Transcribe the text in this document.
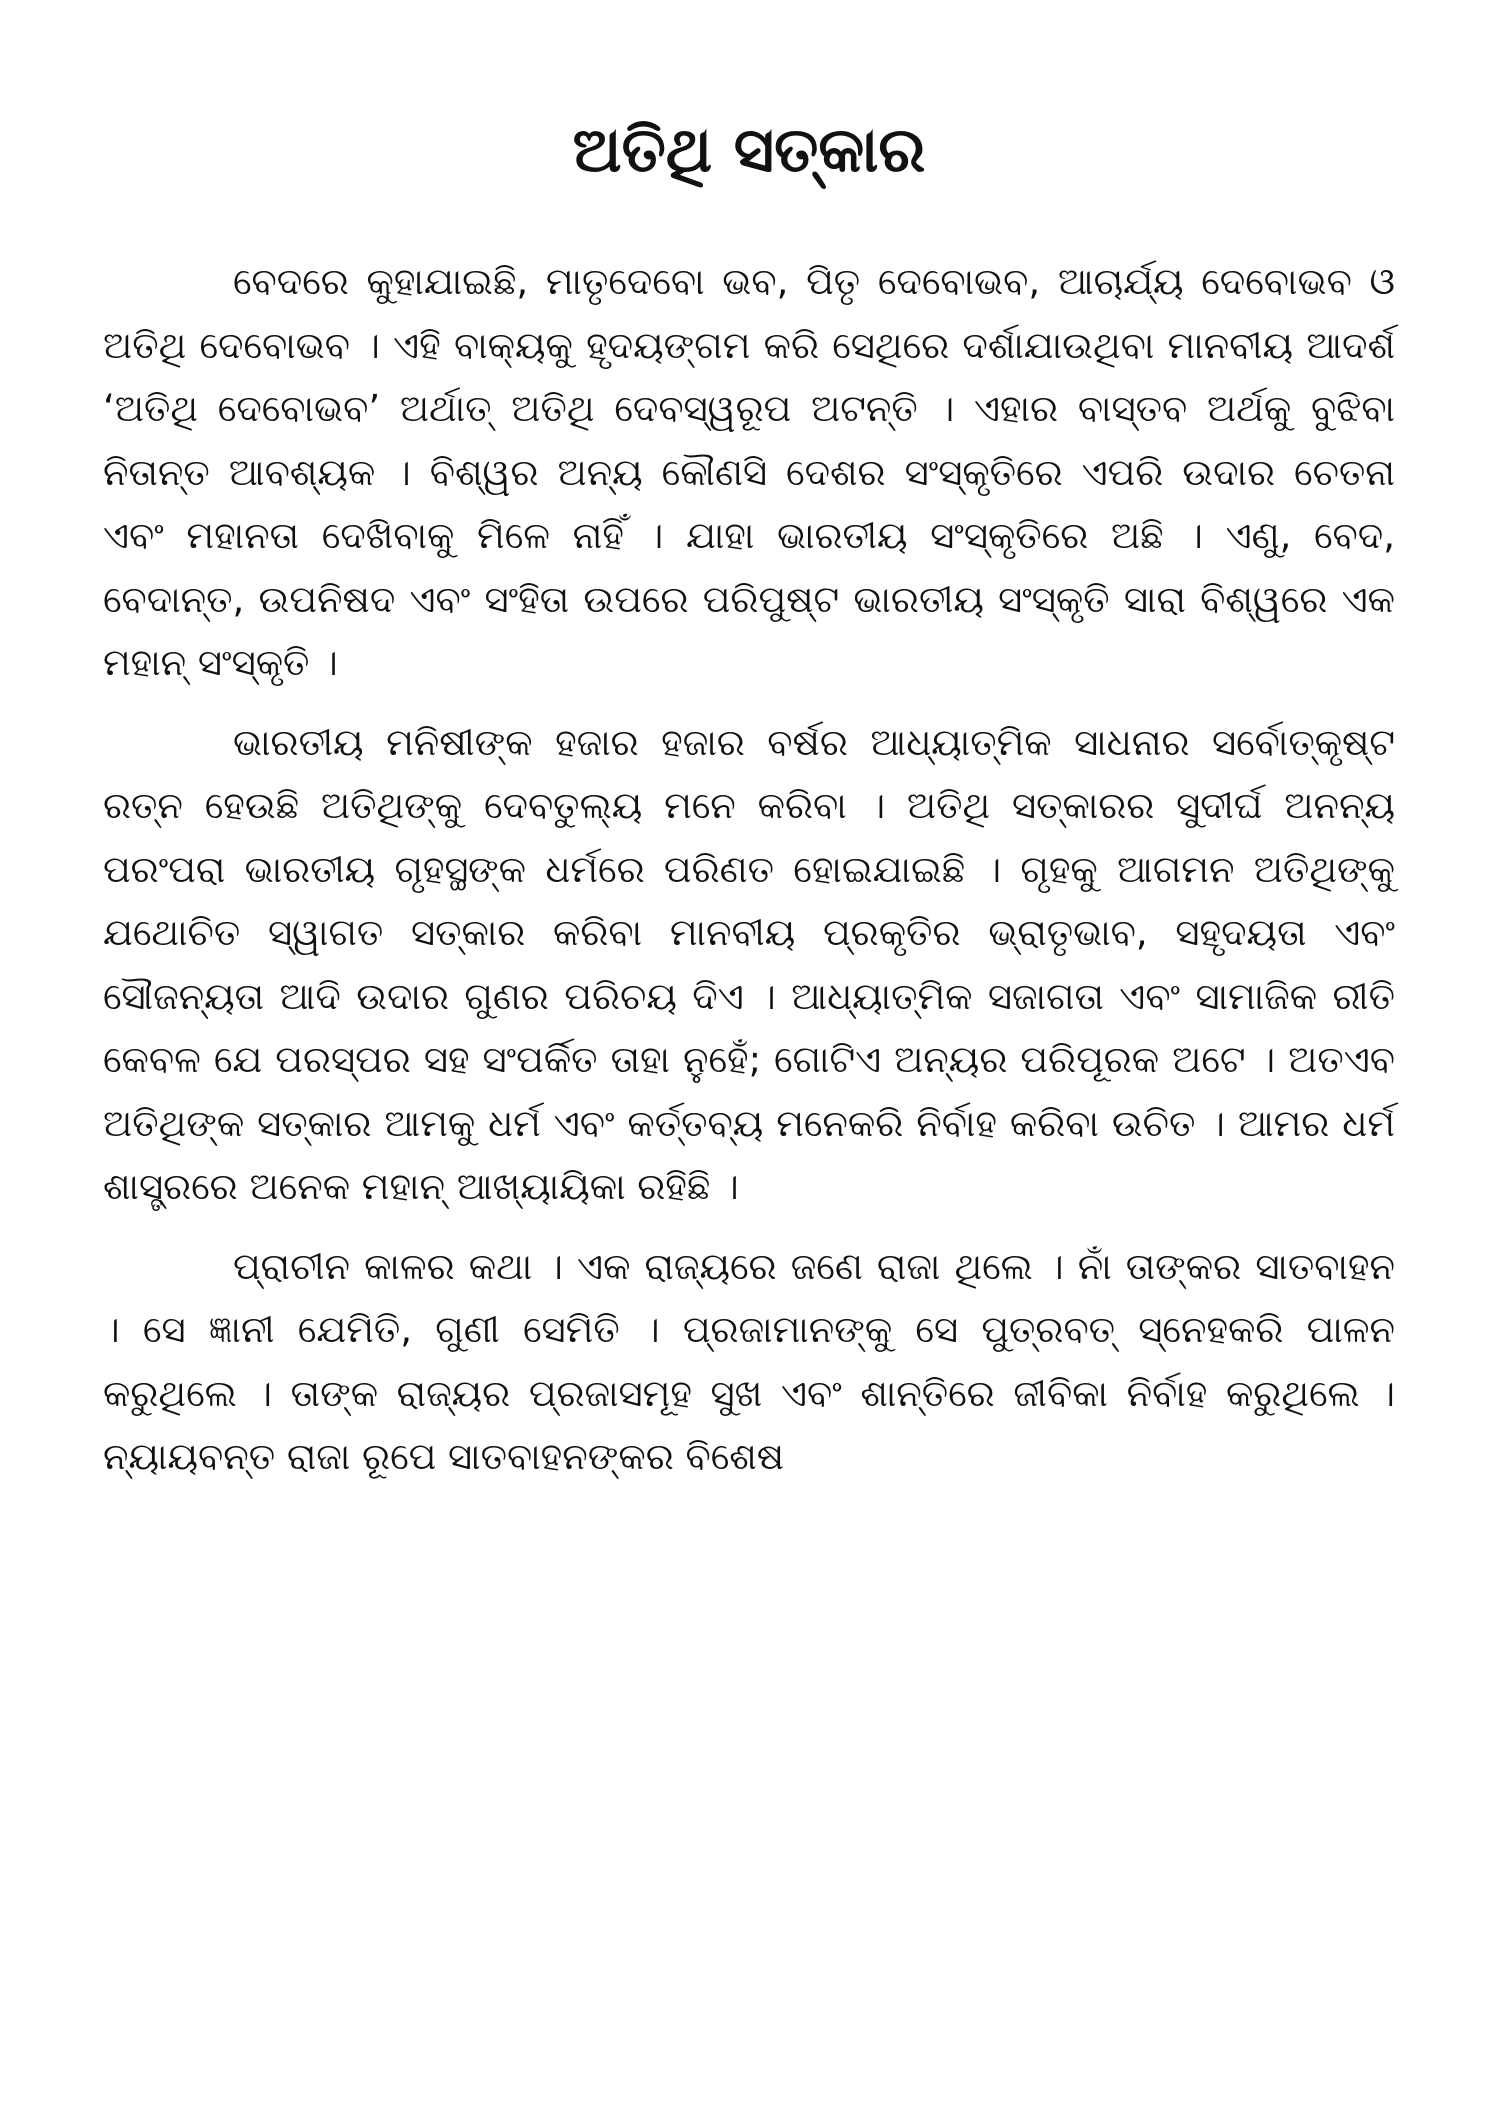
ଅତିଥି ସତ୍କାର

ବେଦରେ କୁହାଯାଇଛି, ମାତୃଦେବୋ ଭବ, ପିତୃ ଦେବୋଭବ, ଆଚାର୍ଯ୍ୟ ଦେବୋଭବ ଓ ଅତିଥି ଦେବୋଭବ । ଏହି ବାକ୍ୟକୁ ହୃଦୟଙ୍ଗମ କରି ସେଥିରେ ଦର୍ଶାଯାଉଥିବା ମାନବୀୟ ଆଦର୍ଶ ‘ଅତିଥି ଦେବୋଭବ’ ଅର୍ଥାତ୍ ଅତିଥି ଦେବସ୍ୱରୂପ ଅଟନ୍ତି । ଏହାର ବାସ୍ତବ ଅର୍ଥକୁ ବୁଝିବା ନିତାନ୍ତ ଆବଶ୍ୟକ । ବିଶ୍ୱର ଅନ୍ୟ କୌଣସି ଦେଶର ସଂସ୍କୃତିରେ ଏପରି ଉଦାର ଚେତନା ଏବଂ ମହାନତା ଦେଖିବାକୁ ମିଳେ ନାହିଁ । ଯାହା ଭାରତୀୟ ସଂସ୍କୃତିରେ ଅଛି । ଏଣୁ, ବେଦ, ବେଦାନ୍ତ, ଉପନିଷଦ ଏବଂ ସଂହିତା ଉପରେ ପରିପୁଷ୍ଟ ଭାରତୀୟ ସଂସ୍କୃତି ସାରା ବିଶ୍ୱରେ ଏକ ମହାନ୍ ସଂସ୍କୃତି ।

ଭାରତୀୟ ମନିଷୀଙ୍କ ହଜାର ହଜାର ବର୍ଷର ଆଧ୍ୟାତ୍ମିକ ସାଧନାର ସର୍ବୋତ୍କୃଷ୍ଟ ରତ୍ନ ହେଉଛି ଅତିଥିଙ୍କୁ ଦେବତୁଲ୍ୟ ମନେ କରିବା । ଅତିଥି ସତ୍କାରର ସୁଦୀର୍ଘ ଅନନ୍ୟ ପରଂପରା ଭାରତୀୟ ଗୃହସ୍ଥଙ୍କ ଧର୍ମରେ ପରିଣତ ହୋଇଯାଇଛି । ଗୃହକୁ ଆଗମନ ଅତିଥିଙ୍କୁ ଯଥୋଚିତ ସ୍ୱାଗତ ସତ୍କାର କରିବା ମାନବୀୟ ପ୍ରକୃତିର ଭ୍ରାତୃଭାବ, ସହୃଦୟତା ଏବଂ ସୌଜନ୍ୟତା ଆଦି ଉଦାର ଗୁଣର ପରିଚୟ ଦିଏ । ଆଧ୍ୟାତ୍ମିକ ସଜାଗତା ଏବଂ ସାମାଜିକ ରୀତି କେବଳ ଯେ ପରସ୍ପର ସହ ସଂପର୍କିତ ତାହା ନୁହେଁ; ଗୋଟିଏ ଅନ୍ୟର ପରିପୂରକ ଅଟେ । ଅତଏବ ଅତିଥିଙ୍କ ସତ୍କାର ଆମକୁ ଧର୍ମ ଏବଂ କର୍ତ୍ତବ୍ୟ ମନେକରି ନିର୍ବାହ କରିବା ଉଚିତ । ଆମର ଧର୍ମ ଶାସ୍ତ୍ରରେ ଅନେକ ମହାନ୍ ଆଖ୍ୟାୟିକା ରହିଛି ।

ପ୍ରାଚୀନ କାଳର କଥା । ଏକ ରାଜ୍ୟରେ ଜଣେ ରାଜା ଥିଲେ । ନାଁ ତାଙ୍କର ସାତବାହନ । ସେ ଜ୍ଞାନୀ ଯେମିତି, ଗୁଣୀ ସେମିତି । ପ୍ରଜାମାନଙ୍କୁ ସେ ପୁତ୍ରବତ୍ ସ୍ନେହକରି ପାଳନ କରୁଥିଲେ । ତାଙ୍କ ରାଜ୍ୟର ପ୍ରଜାସମୂହ ସୁଖ ଏବଂ ଶାନ୍ତିରେ ଜୀବିକା ନିର୍ବାହ କରୁଥିଲେ । ନ୍ୟାୟବନ୍ତ ରାଜା ରୂପେ ସାତବାହନଙ୍କର ବିଶେଷ
